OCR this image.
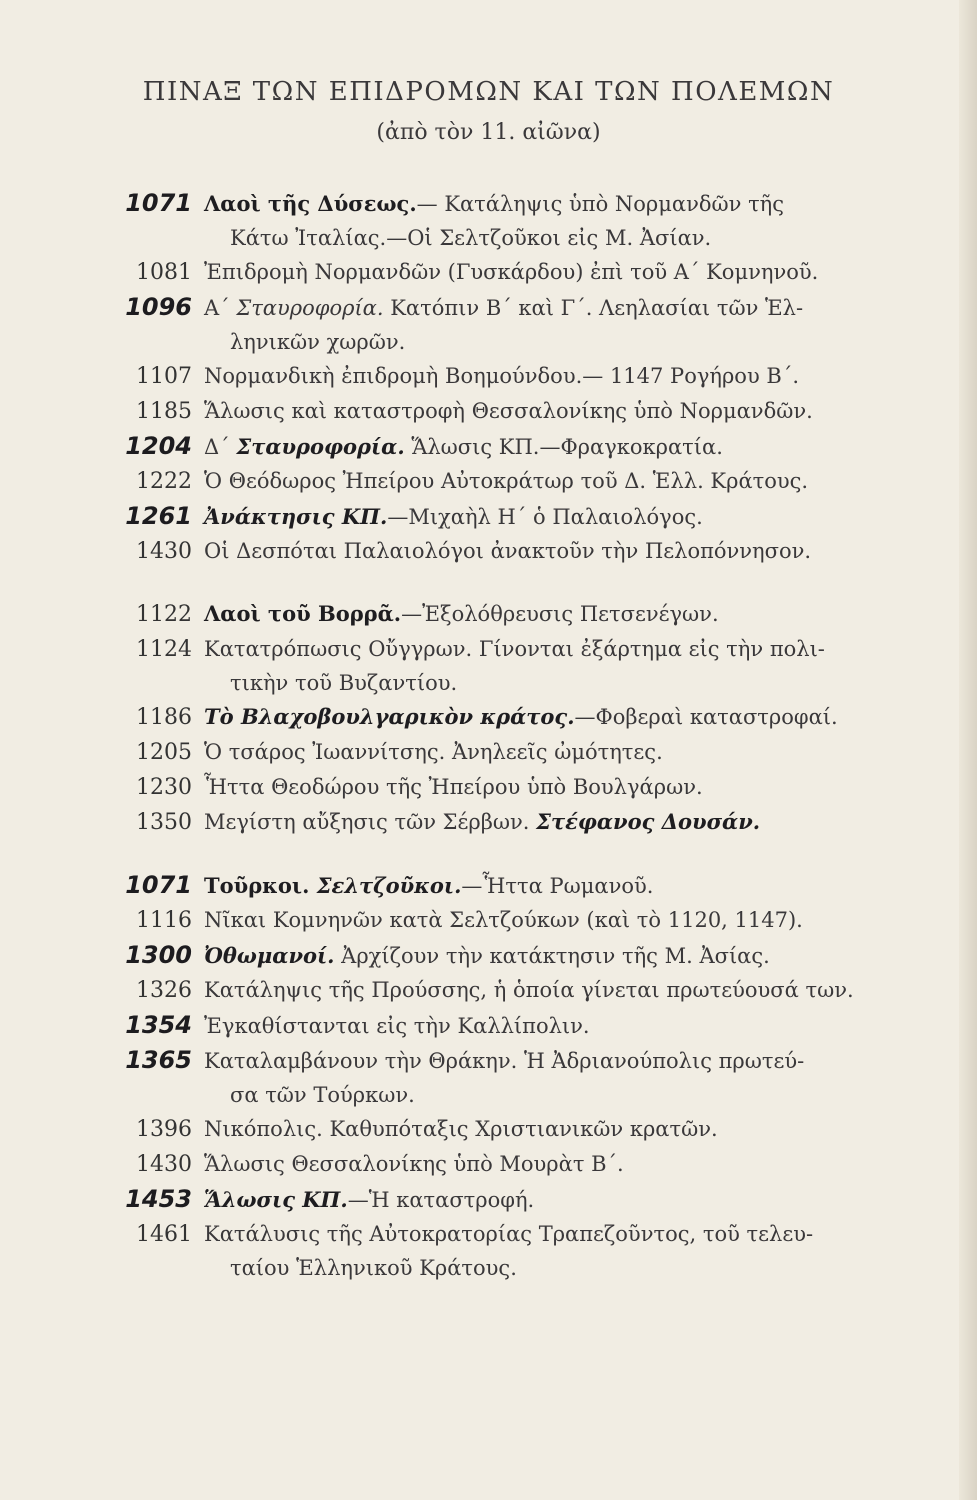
ΠΙΝΑΞ ΤΩΝ ΕΠΙΔΡΟΜΩΝ ΚΑΙ ΤΩΝ ΠΟΛΕΜΩΝ
(ἀπὸ τὸν 11. αἰῶνα)
1071 Λαοὶ τῆς Δύσεως.— Κατάληψις ὑπὸ Νορμανδῶν τῆς
Κάτω Ἰταλίας.—Οἱ Σελτζοῦκοι εἰς Μ. Ἀσίαν.
1081 Ἐπιδρομὴ Νορμανδῶν (Γυσκάρδου) ἐπὶ τοῦ Α΄ Κομνηνοῦ.
1096 Α΄ Σταυροφορία. Κατόπιν Β΄ καὶ Γ΄. Λεηλασίαι τῶν Ἑλ-
ληνικῶν χωρῶν.
1107 Νορμανδικὴ ἐπιδρομὴ Βοημούνδου.— 1147 Ρογήρου Β΄.
1185 Ἅλωσις καὶ καταστροφὴ Θεσσαλονίκης ὑπὸ Νορμανδῶν.
1204 Δ΄ Σταυροφορία. Ἅλωσις ΚΠ.—Φραγκοκρατία.
1222 Ὁ Θεόδωρος Ἠπείρου Αὐτοκράτωρ τοῦ Δ. Ἑλλ. Κράτους.
1261 Ἀνάκτησις ΚΠ.—Μιχαὴλ Η΄ ὁ Παλαιολόγος.
1430 Οἱ Δεσπόται Παλαιολόγοι ἀνακτοῦν τὴν Πελοπόννησον.
1122 Λαοὶ τοῦ Βορρᾶ.—Ἐξολόθρευσις Πετσενέγων.
1124 Κατατρόπωσις Οὔγγρων. Γίνονται ἐξάρτημα εἰς τὴν πολι-
τικὴν τοῦ Βυζαντίου.
1186 Τὸ Βλαχοβουλγαρικὸν κράτος.—Φοβεραὶ καταστροφαί.
1205 Ὁ τσάρος Ἰωαννίτσης. Ἀνηλεεῖς ὠμότητες.
1230 Ἧττα Θεοδώρου τῆς Ἠπείρου ὑπὸ Βουλγάρων.
1350 Μεγίστη αὔξησις τῶν Σέρβων. Στέφανος Δουσάν.
1071 Τοῦρκοι. Σελτζοῦκοι.—Ἧττα Ρωμανοῦ.
1116 Νῖκαι Κομνηνῶν κατὰ Σελτζούκων (καὶ τὸ 1120, 1147).
1300 Ὀθωμανοί. Ἀρχίζουν τὴν κατάκτησιν τῆς Μ. Ἀσίας.
1326 Κατάληψις τῆς Προύσσης, ἡ ὁποία γίνεται πρωτεύουσά των.
1354 Ἐγκαθίστανται εἰς τὴν Καλλίπολιν.
1365 Καταλαμβάνουν τὴν Θράκην. Ἡ Ἀδριανούπολις πρωτεύ-
σα τῶν Τούρκων.
1396 Νικόπολις. Καθυπόταξις Χριστιανικῶν κρατῶν.
1430 Ἅλωσις Θεσσαλονίκης ὑπὸ Μουρὰτ Β΄.
1453 Ἅλωσις ΚΠ.—Ἡ καταστροφή.
1461 Κατάλυσις τῆς Αὐτοκρατορίας Τραπεζοῦντος, τοῦ τελευ-
ταίου Ἑλληνικοῦ Κράτους.
